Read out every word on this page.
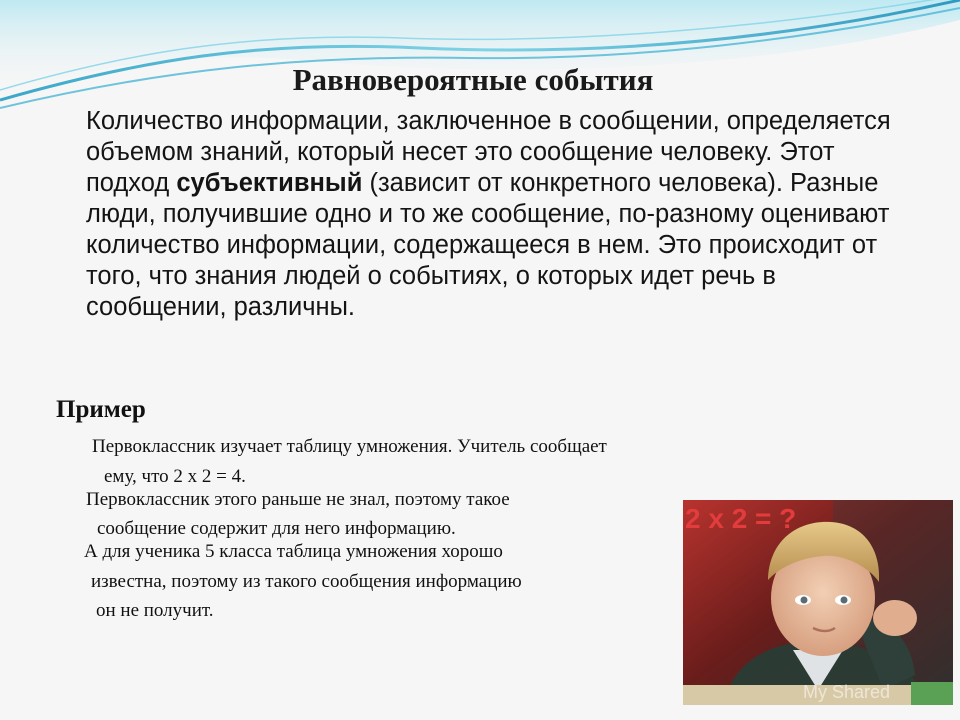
Равновероятные события
Количество информации, заключенное в сообщении, определяется объемом знаний, который несет это сообщение человеку. Этот подход субъективный (зависит от конкретного человека). Разные люди, получившие одно и то же сообщение, по-разному оценивают количество информации, содержащееся в нем. Это происходит от того, что знания людей о событиях, о которых идет речь в сообщении, различны.
Пример
Первоклассник изучает таблицу умножения. Учитель сообщает
ему, что 2 х 2 = 4.
Первоклассник этого раньше не знал, поэтому такое
сообщение содержит для него информацию.
А для ученика 5 класса таблица умножения хорошо
известна, поэтому из такого сообщения информацию
он не получит.
2 x 2 = ?
My Shared
